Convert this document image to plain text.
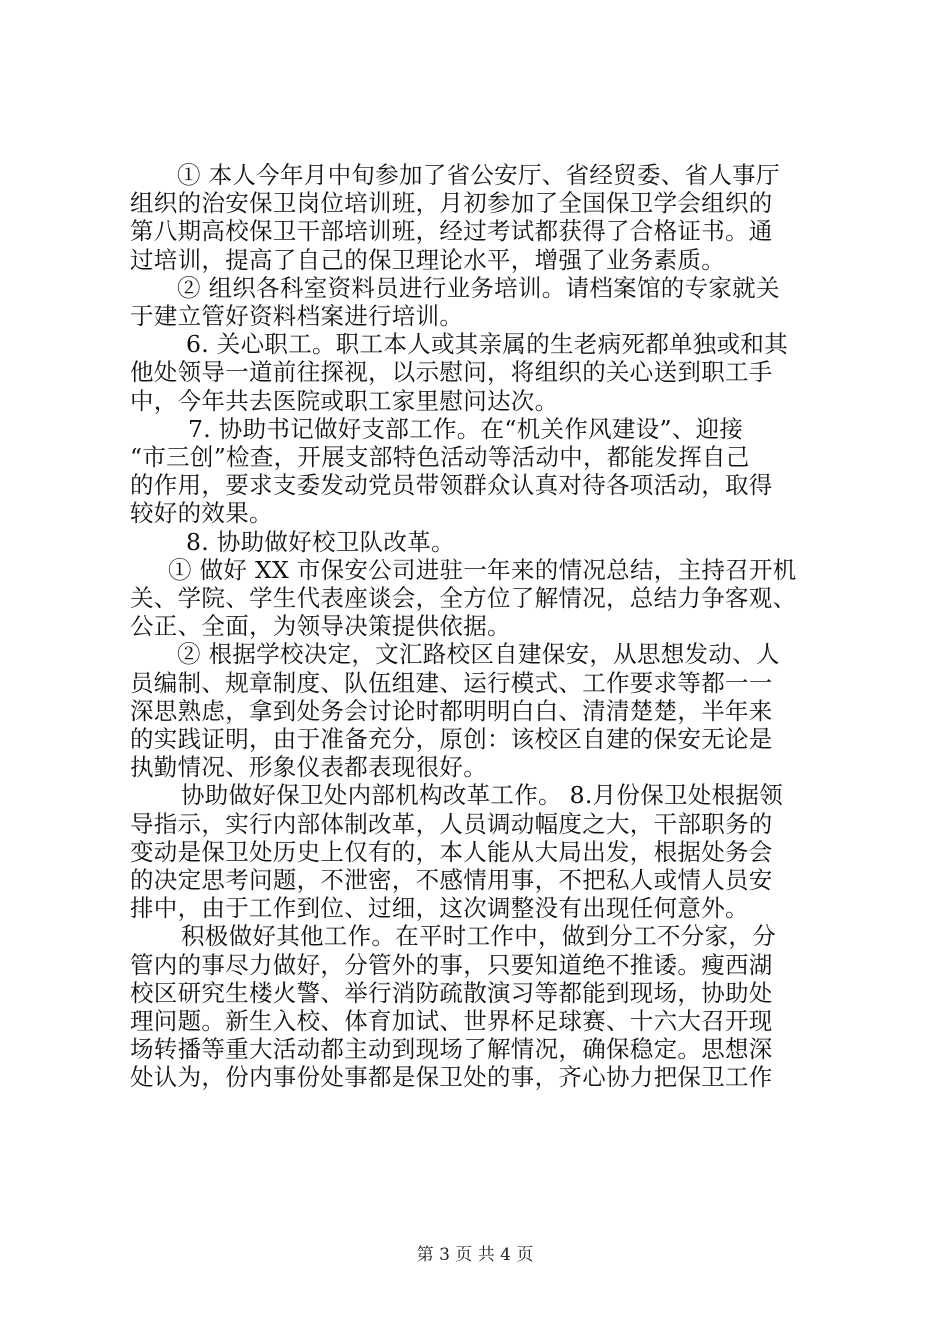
① 本人今年月中旬参加了省公安厅、省经贸委、省人事厅
组织的治安保卫岗位培训班，月初参加了全国保卫学会组织的
第八期高校保卫干部培训班，经过考试都获得了合格证书。通
过培训，提高了自己的保卫理论水平，增强了业务素质。
② 组织各科室资料员进行业务培训。请档案馆的专家就关
于建立管好资料档案进行培训。
6. 关心职工。职工本人或其亲属的生老病死都单独或和其
他处领导一道前往探视，以示慰问，将组织的关心送到职工手
中，今年共去医院或职工家里慰问达次。
7. 协助书记做好支部工作。在“机关作风建设”、迎接
“市三创”检查，开展支部特色活动等活动中，都能发挥自己
的作用，要求支委发动党员带领群众认真对待各项活动，取得
较好的效果。
8. 协助做好校卫队改革。
① 做好 XX 市保安公司进驻一年来的情况总结，主持召开机
关、学院、学生代表座谈会，全方位了解情况，总结力争客观、
公正、全面，为领导决策提供依据。
② 根据学校决定，文汇路校区自建保安，从思想发动、人
员编制、规章制度、队伍组建、运行模式、工作要求等都一一
深思熟虑，拿到处务会讨论时都明明白白、清清楚楚，半年来
的实践证明，由于准备充分，原创：该校区自建的保安无论是
执勤情况、形象仪表都表现很好。
协助做好保卫处内部机构改革工作。 8.月份保卫处根据领
导指示，实行内部体制改革，人员调动幅度之大，干部职务的
变动是保卫处历史上仅有的，本人能从大局出发，根据处务会
的决定思考问题，不泄密，不感情用事，不把私人或情人员安
排中，由于工作到位、过细，这次调整没有出现任何意外。
积极做好其他工作。在平时工作中，做到分工不分家，分
管内的事尽力做好，分管外的事，只要知道绝不推诿。瘦西湖
校区研究生楼火警、举行消防疏散演习等都能到现场，协助处
理问题。新生入校、体育加试、世界杯足球赛、十六大召开现
场转播等重大活动都主动到现场了解情况，确保稳定。思想深
处认为，份内事份处事都是保卫处的事，齐心协力把保卫工作
第 3 页 共 4 页
